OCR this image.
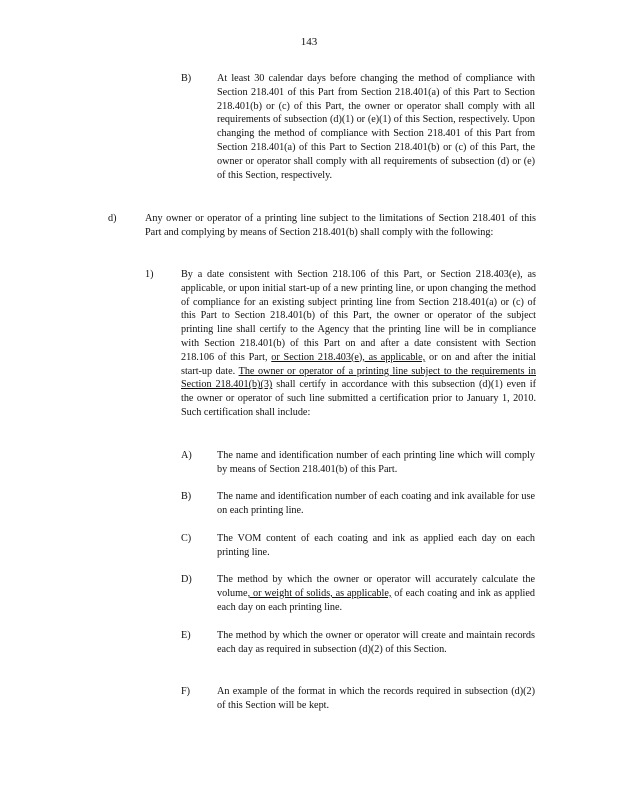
143
B)	At least 30 calendar days before changing the method of compliance with Section 218.401 of this Part from Section 218.401(a) of this Part to Section 218.401(b) or (c) of this Part, the owner or operator shall comply with all requirements of subsection (d)(1) or (e)(1) of this Section, respectively. Upon changing the method of compliance with Section 218.401 of this Part from Section 218.401(a) of this Part to Section 218.401(b) or (c) of this Part, the owner or operator shall comply with all requirements of subsection (d) or (e) of this Section, respectively.
d)	Any owner or operator of a printing line subject to the limitations of Section 218.401 of this Part and complying by means of Section 218.401(b) shall comply with the following:
1)	By a date consistent with Section 218.106 of this Part, or Section 218.403(e), as applicable, or upon initial start-up of a new printing line, or upon changing the method of compliance for an existing subject printing line from Section 218.401(a) or (c) of this Part to Section 218.401(b) of this Part, the owner or operator of the subject printing line shall certify to the Agency that the printing line will be in compliance with Section 218.401(b) of this Part on and after a date consistent with Section 218.106 of this Part, or Section 218.403(e), as applicable, or on and after the initial start-up date. The owner or operator of a printing line subject to the requirements in Section 218.401(b)(3) shall certify in accordance with this subsection (d)(1) even if the owner or operator of such line submitted a certification prior to January 1, 2010. Such certification shall include:
A) The name and identification number of each printing line which will comply by means of Section 218.401(b) of this Part.
B)	The name and identification number of each coating and ink available for use on each printing line.
C)	The VOM content of each coating and ink as applied each day on each printing line.
D) The method by which the owner or operator will accurately calculate the volume, or weight of solids, as applicable, of each coating and ink as applied each day on each printing line.
E)	The method by which the owner or operator will create and maintain records each day as required in subsection (d)(2) of this Section.
F)	An example of the format in which the records required in subsection (d)(2) of this Section will be kept.
